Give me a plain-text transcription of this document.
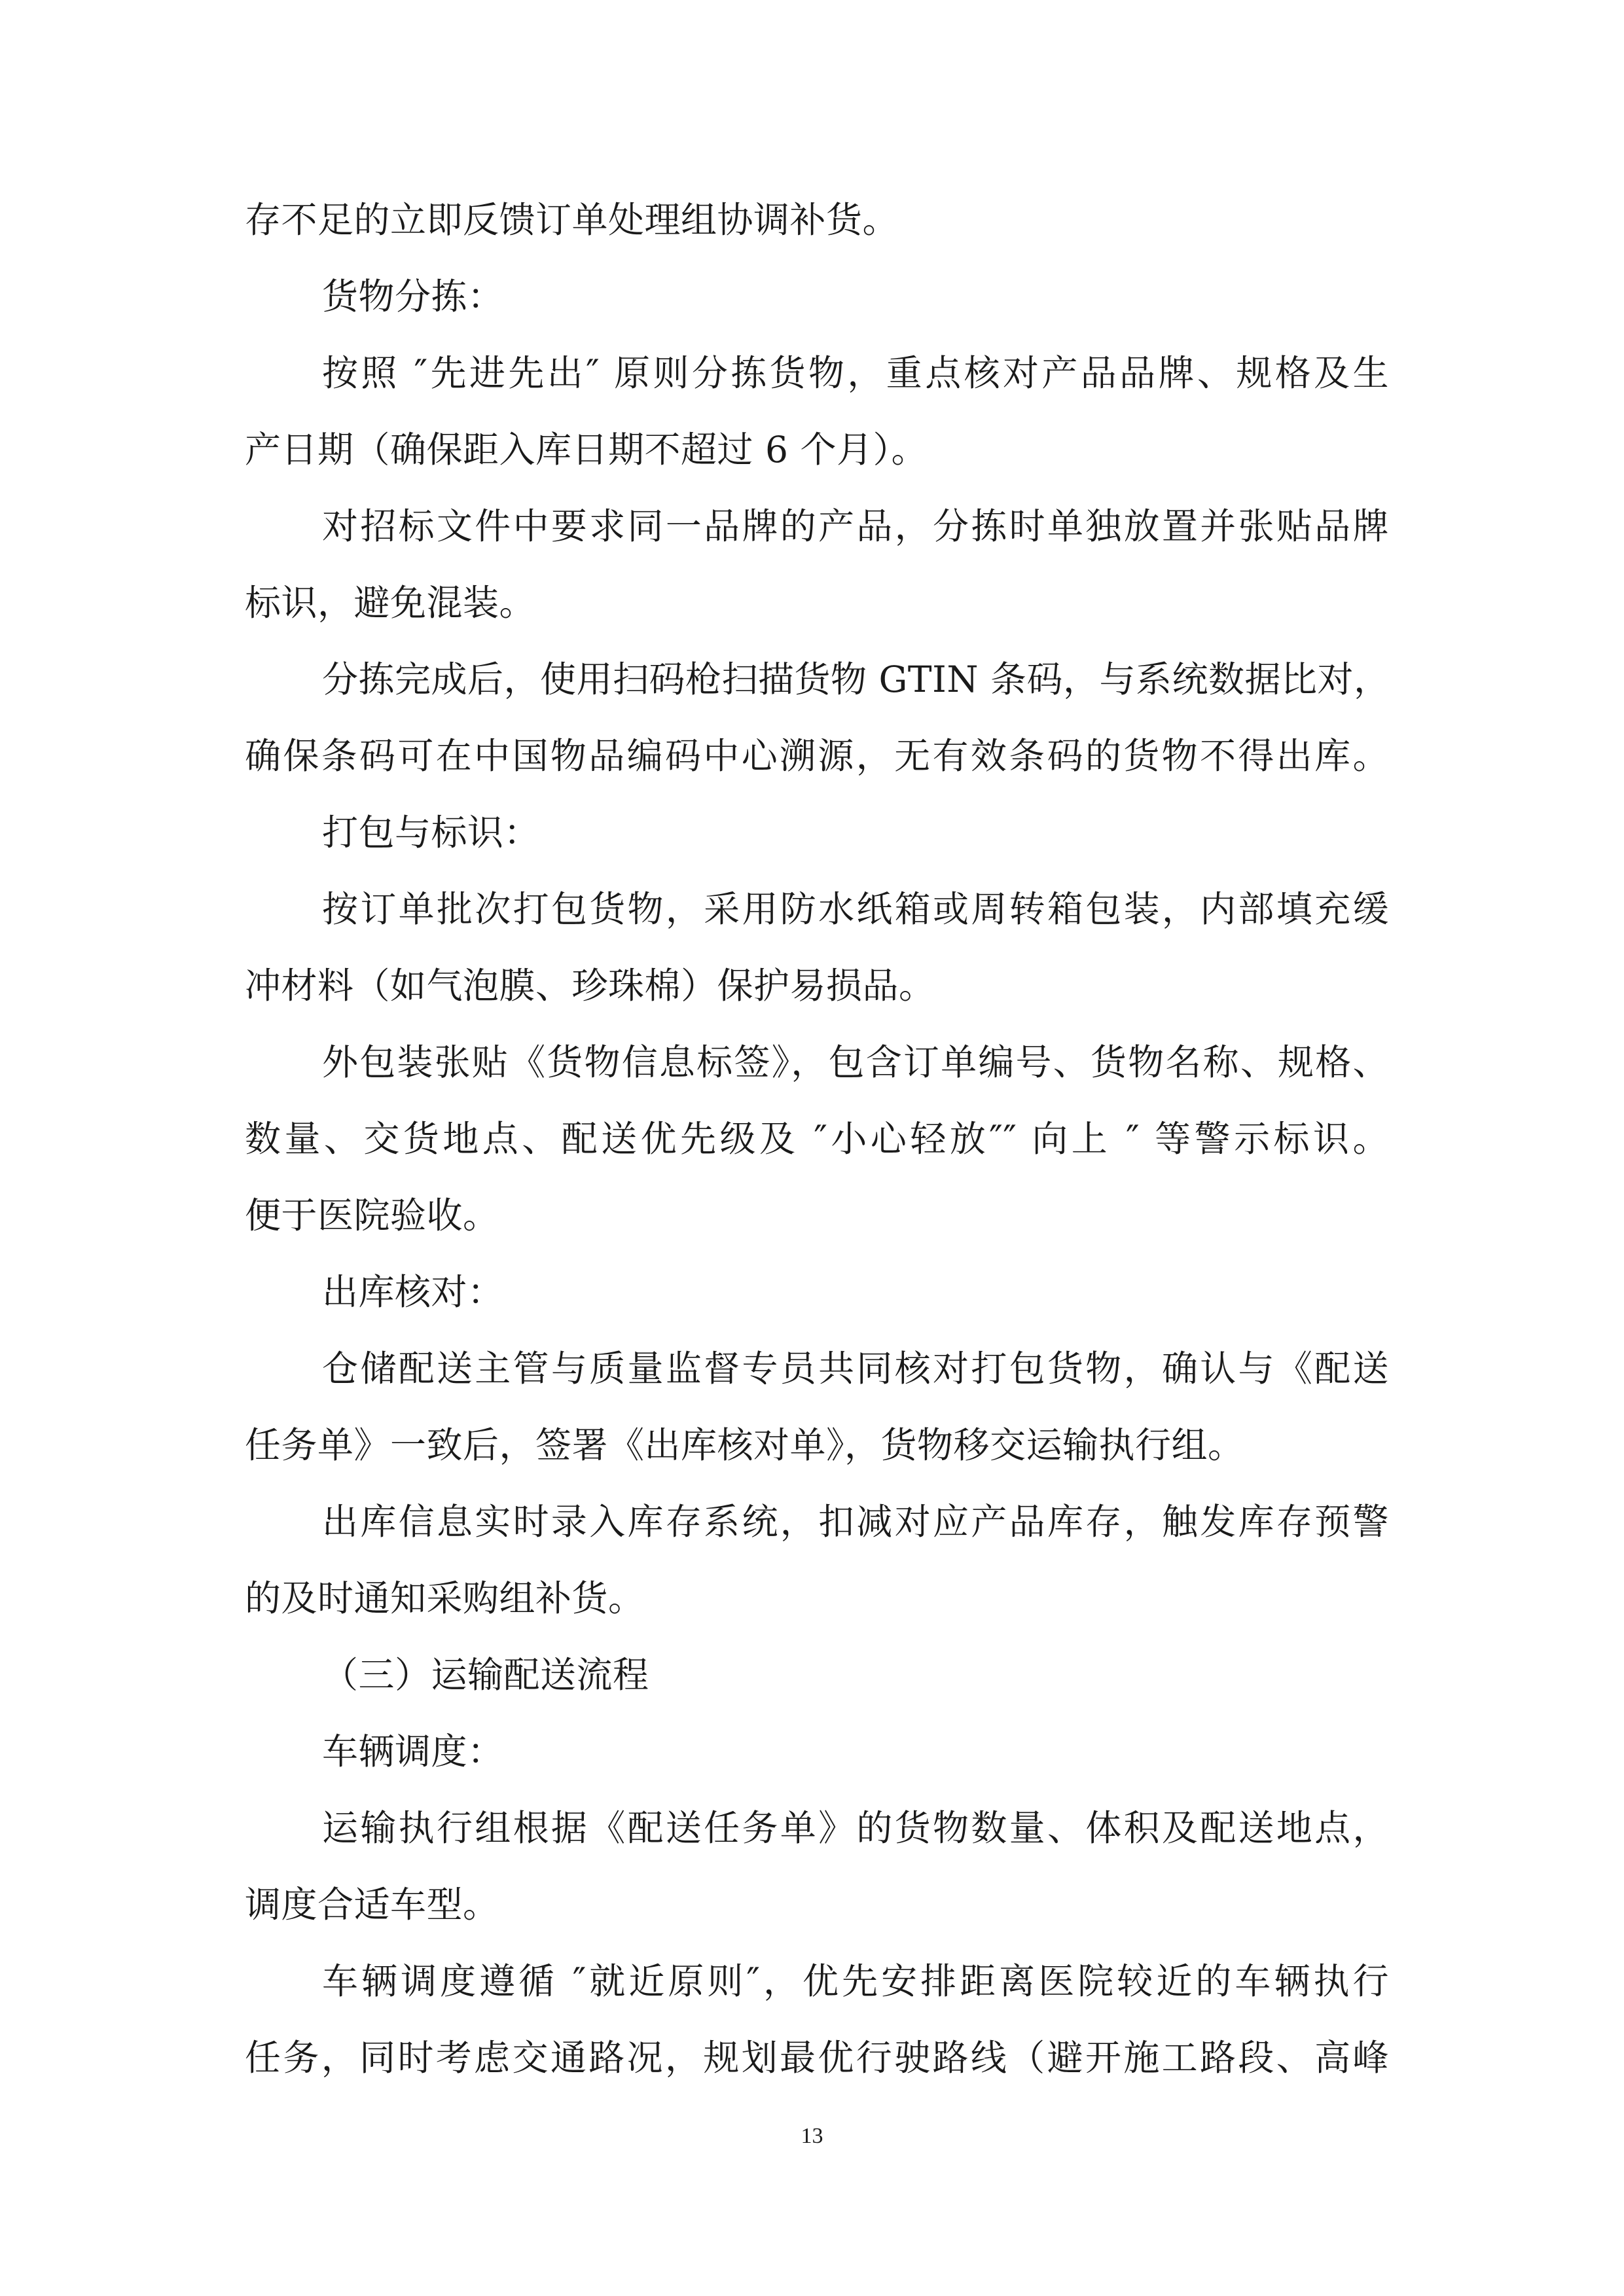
存不足的立即反馈订单处理组协调补货。
货物分拣：
按照 ″先进先出″ 原则分拣货物，重点核对产品品牌、规格及生
产日期（确保距入库日期不超过 6 个月）。
对招标文件中要求同一品牌的产品，分拣时单独放置并张贴品牌
标识，避免混装。
分拣完成后，使用扫码枪扫描货物 GTIN 条码，与系统数据比对，
确保条码可在中国物品编码中心溯源，无有效条码的货物不得出库。
打包与标识：
按订单批次打包货物，采用防水纸箱或周转箱包装，内部填充缓
冲材料（如气泡膜、珍珠棉）保护易损品。
外包装张贴《货物信息标签》，包含订单编号、货物名称、规格、
数量、交货地点、配送优先级及 ″小心轻放″″ 向上 ″ 等警示标识。
便于医院验收。
出库核对：
仓储配送主管与质量监督专员共同核对打包货物，确认与《配送
任务单》一致后，签署《出库核对单》，货物移交运输执行组。
出库信息实时录入库存系统，扣减对应产品库存，触发库存预警
的及时通知采购组补货。
（三）运输配送流程
车辆调度：
运输执行组根据《配送任务单》的货物数量、体积及配送地点，
调度合适车型。
车辆调度遵循 ″就近原则″，优先安排距离医院较近的车辆执行
任务，同时考虑交通路况，规划最优行驶路线（避开施工路段、高峰
13
